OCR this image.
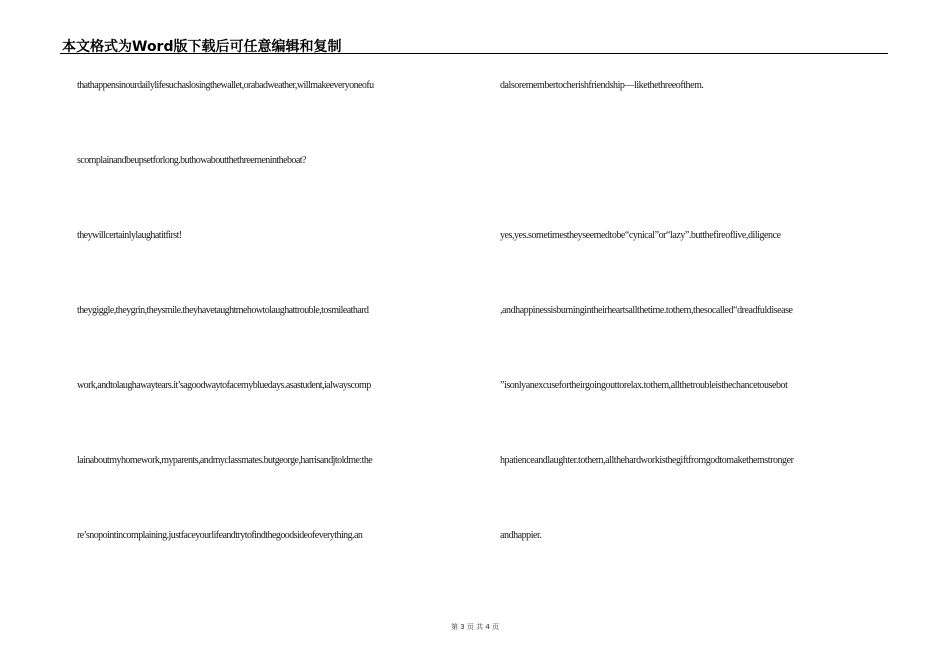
本文格式为Word版下载后可任意编辑和复制
thathappensinourdailylifesuchaslosingthewallet,orabadweather,willmakeeveryoneofu
scomplainandbeupsetforlong.buthowaboutthethreemenintheboat?
theywillcertainlylaughatitfirst!
theygiggle,theygrin,theysmile.theyhavetaughtmehowtolaughattrouble,tosmileathard
work,andtolaughawaytears.it’sagoodwaytofacemybluedays.asastudent,ialwayscomp
lainaboutmyhomework,myparents,andmyclassmates.butgeorge,harrisandjtoldme:the
re’snopointincomplaining.justfaceyourlifeandtrytofindthegoodsideofeverything.an
dalsoremembertocherishfriendship—likethethreeofthem.
yes,yes.sometimestheyseemedtobe“cynical”or“lazy”.butthefireoflive,diligence
,andhappinessisburningintheirheartsallthetime.tothem,thesocalled“dreadfuldisease
”isonlyanexcusefortheirgoingouttorelax.tothem,allthetroubleisthechancetousebot
hpatienceandlaughter.tothem,allthehardworkisthegiftfromgodtomakethemstronger
andhappier.
第 3 页 共 4 页
